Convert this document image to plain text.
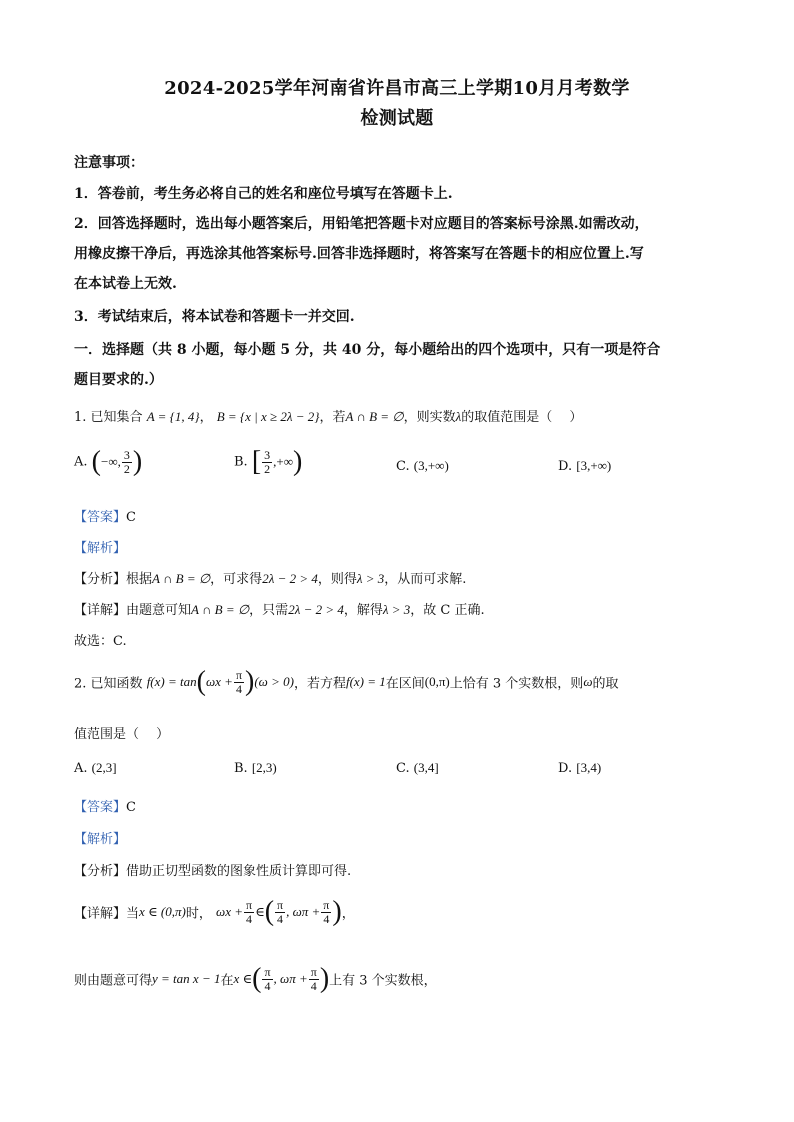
2024-2025学年河南省许昌市高三上学期10月月考数学
检测试题
注意事项：
1．答卷前，考生务必将自己的姓名和座位号填写在答题卡上.
2．回答选择题时，选出每小题答案后，用铅笔把答题卡对应题目的答案标号涂黑.如需改动，
用橡皮擦干净后，再选涂其他答案标号.回答非选择题时，将答案写在答题卡的相应位置上.写
在本试卷上无效.
3．考试结束后，将本试卷和答题卡一并交回.
一．选择题（共 8 小题，每小题 5 分，共 40 分，每小题给出的四个选项中，只有一项是符合
题目要求的.）
1. 已知集合 A = {1, 4}， B = {x | x ≥ 2λ − 2}，若A ∩ B = ∅，则实数λ的取值范围是（　 ）
A. (−∞, $\frac{3}{2}$ )	B. [ $\frac{3}{2}$ ,+∞)	C. (3,+∞)	D. [3,+∞)
【答案】C
【解析】
【分析】根据A ∩ B = ∅，可求得2λ − 2 > 4，则得λ > 3，从而可求解.
【详解】由题意可知A ∩ B = ∅，只需2λ − 2 > 4，解得λ > 3，故 C 正确.
故选：C.
2. 已知函数 $f(x) = \tan(\omega x + \frac{\pi}{4} )(\omega > 0)$，若方程f(x) = 1在区间(0,π)上恰有 3 个实数根，则ω的取
值范围是（　 ）
A. (2,3]	B. [2,3)	C. (3,4]	D. [3,4)
【答案】C
【解析】
【分析】借助正切型函数的图象性质计算即可得.
【详解】当x ∈ (0,π)时， $\omega x + \frac{\pi}{4}$ ∈( $\frac{\pi}{4}$ , $\omega\pi + \frac{\pi}{4}$ )，
则由题意可得y = tan x − 1在x ∈( $\frac{\pi}{4}$ , $\omega\pi + \frac{\pi}{4}$ )上有 3 个实数根，
